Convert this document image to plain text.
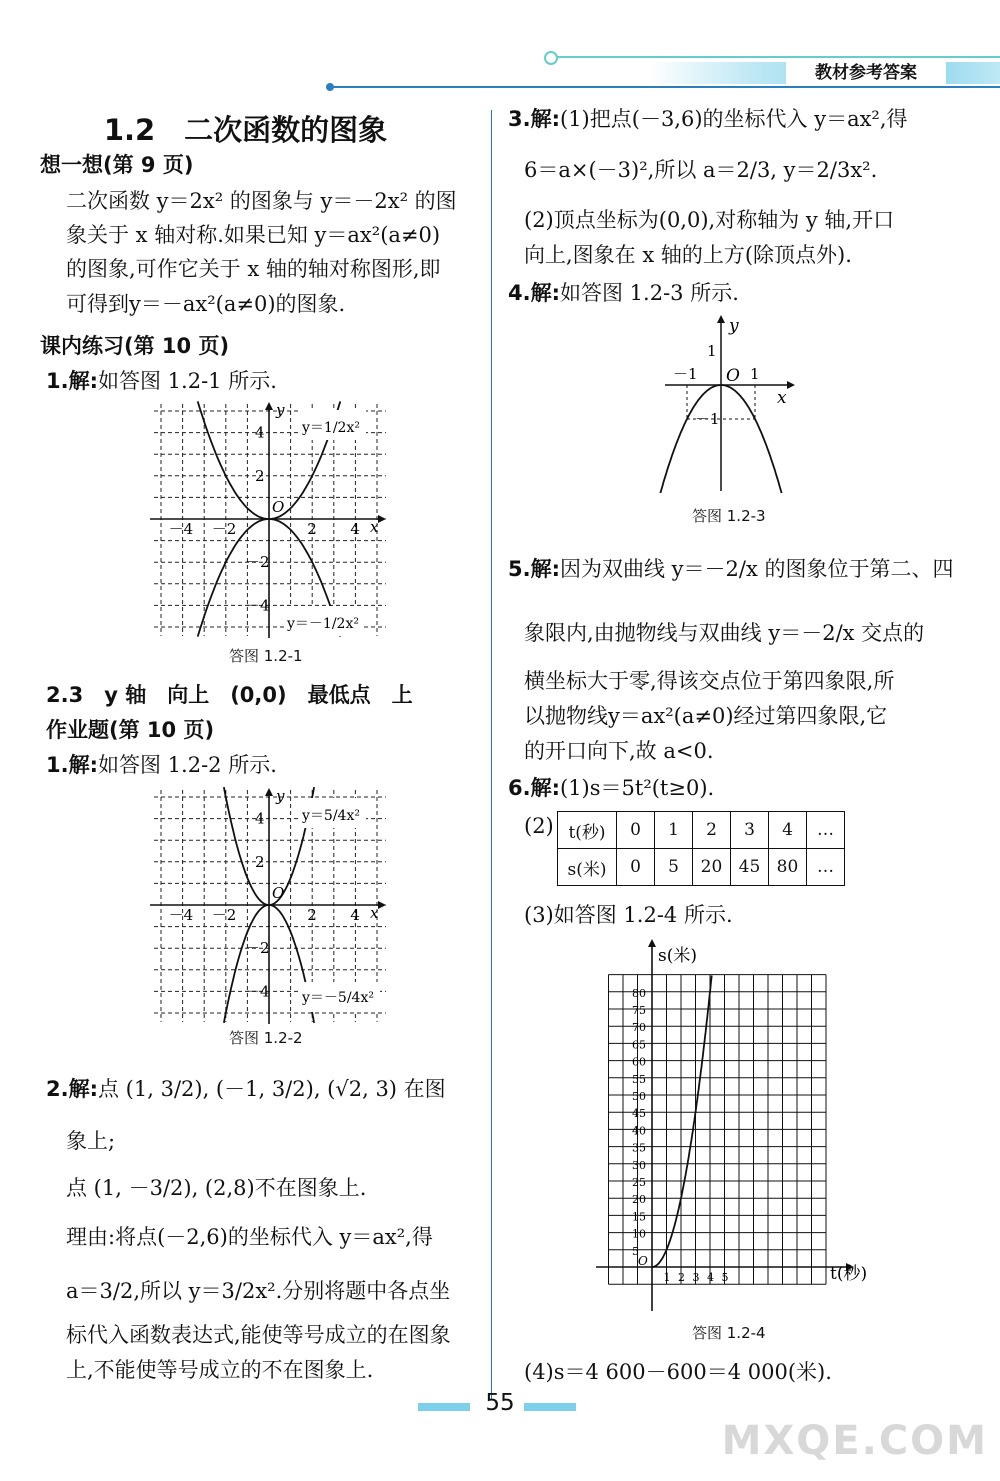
教材参考答案
1.2　二次函数的图象
想一想(第 9 页)
二次函数 y＝2x² 的图象与 y＝－2x² 的图
象关于 x 轴对称.如果已知 y＝ax²(a≠0)
的图象,可作它关于 x 轴的轴对称图形,即
可得到y＝－ax²(a≠0)的图象.
课内练习(第 10 页)
1.解:如答图 1.2-1 所示.
－4 －2	2 4
－4
－2
2
4
O
x
y
y＝1/2x²
y＝－1/2x²
答图 1.2-1
2.3　y 轴　向上　(0,0)　最低点　上
作业题(第 10 页)
1.解:如答图 1.2-2 所示.
－4 －2	2 4
－4
－2
2
4
O
x
y
y＝5/4x²
y＝－5/4x²
答图 1.2-2
2.解:点 (1, 3/2), (－1, 3/2), (√2, 3) 在图
象上;
点 (1, －3/2), (2,8)不在图象上.
理由:将点(－2,6)的坐标代入 y＝ax²,得
a＝3/2,所以 y＝3/2x².分别将题中各点坐
标代入函数表达式,能使等号成立的在图象
上,不能使等号成立的不在图象上.
3.解:(1)把点(－3,6)的坐标代入 y＝ax²,得
6＝a×(－3)²,所以 a＝2/3, y＝2/3x².
(2)顶点坐标为(0,0),对称轴为 y 轴,开口
向上,图象在 x 轴的上方(除顶点外).
4.解:如答图 1.2-3 所示.
－1	1
－1
1
O
x
y
答图 1.2-3
5.解:因为双曲线 y＝－2/x 的图象位于第二、四
象限内,由抛物线与双曲线 y＝－2/x 交点的
横坐标大于零,得该交点位于第四象限,所
以抛物线y＝ax²(a≠0)经过第四象限,它
的开口向下,故 a<0.
6.解:(1)s＝5t²(t≥0).
(2) t(秒)	0	1	2	3	4	…
s(米)	0	5	20	45	80	…
(3)如答图 1.2-4 所示.
1 2 3 4 5
5
10
15
20
25
30
35
40
45
50
55
60
65
70
75
80
O
s(米)
t(秒)
答图 1.2-4
(4)s＝4 600－600＝4 000(米).
55
MXQE.COM
